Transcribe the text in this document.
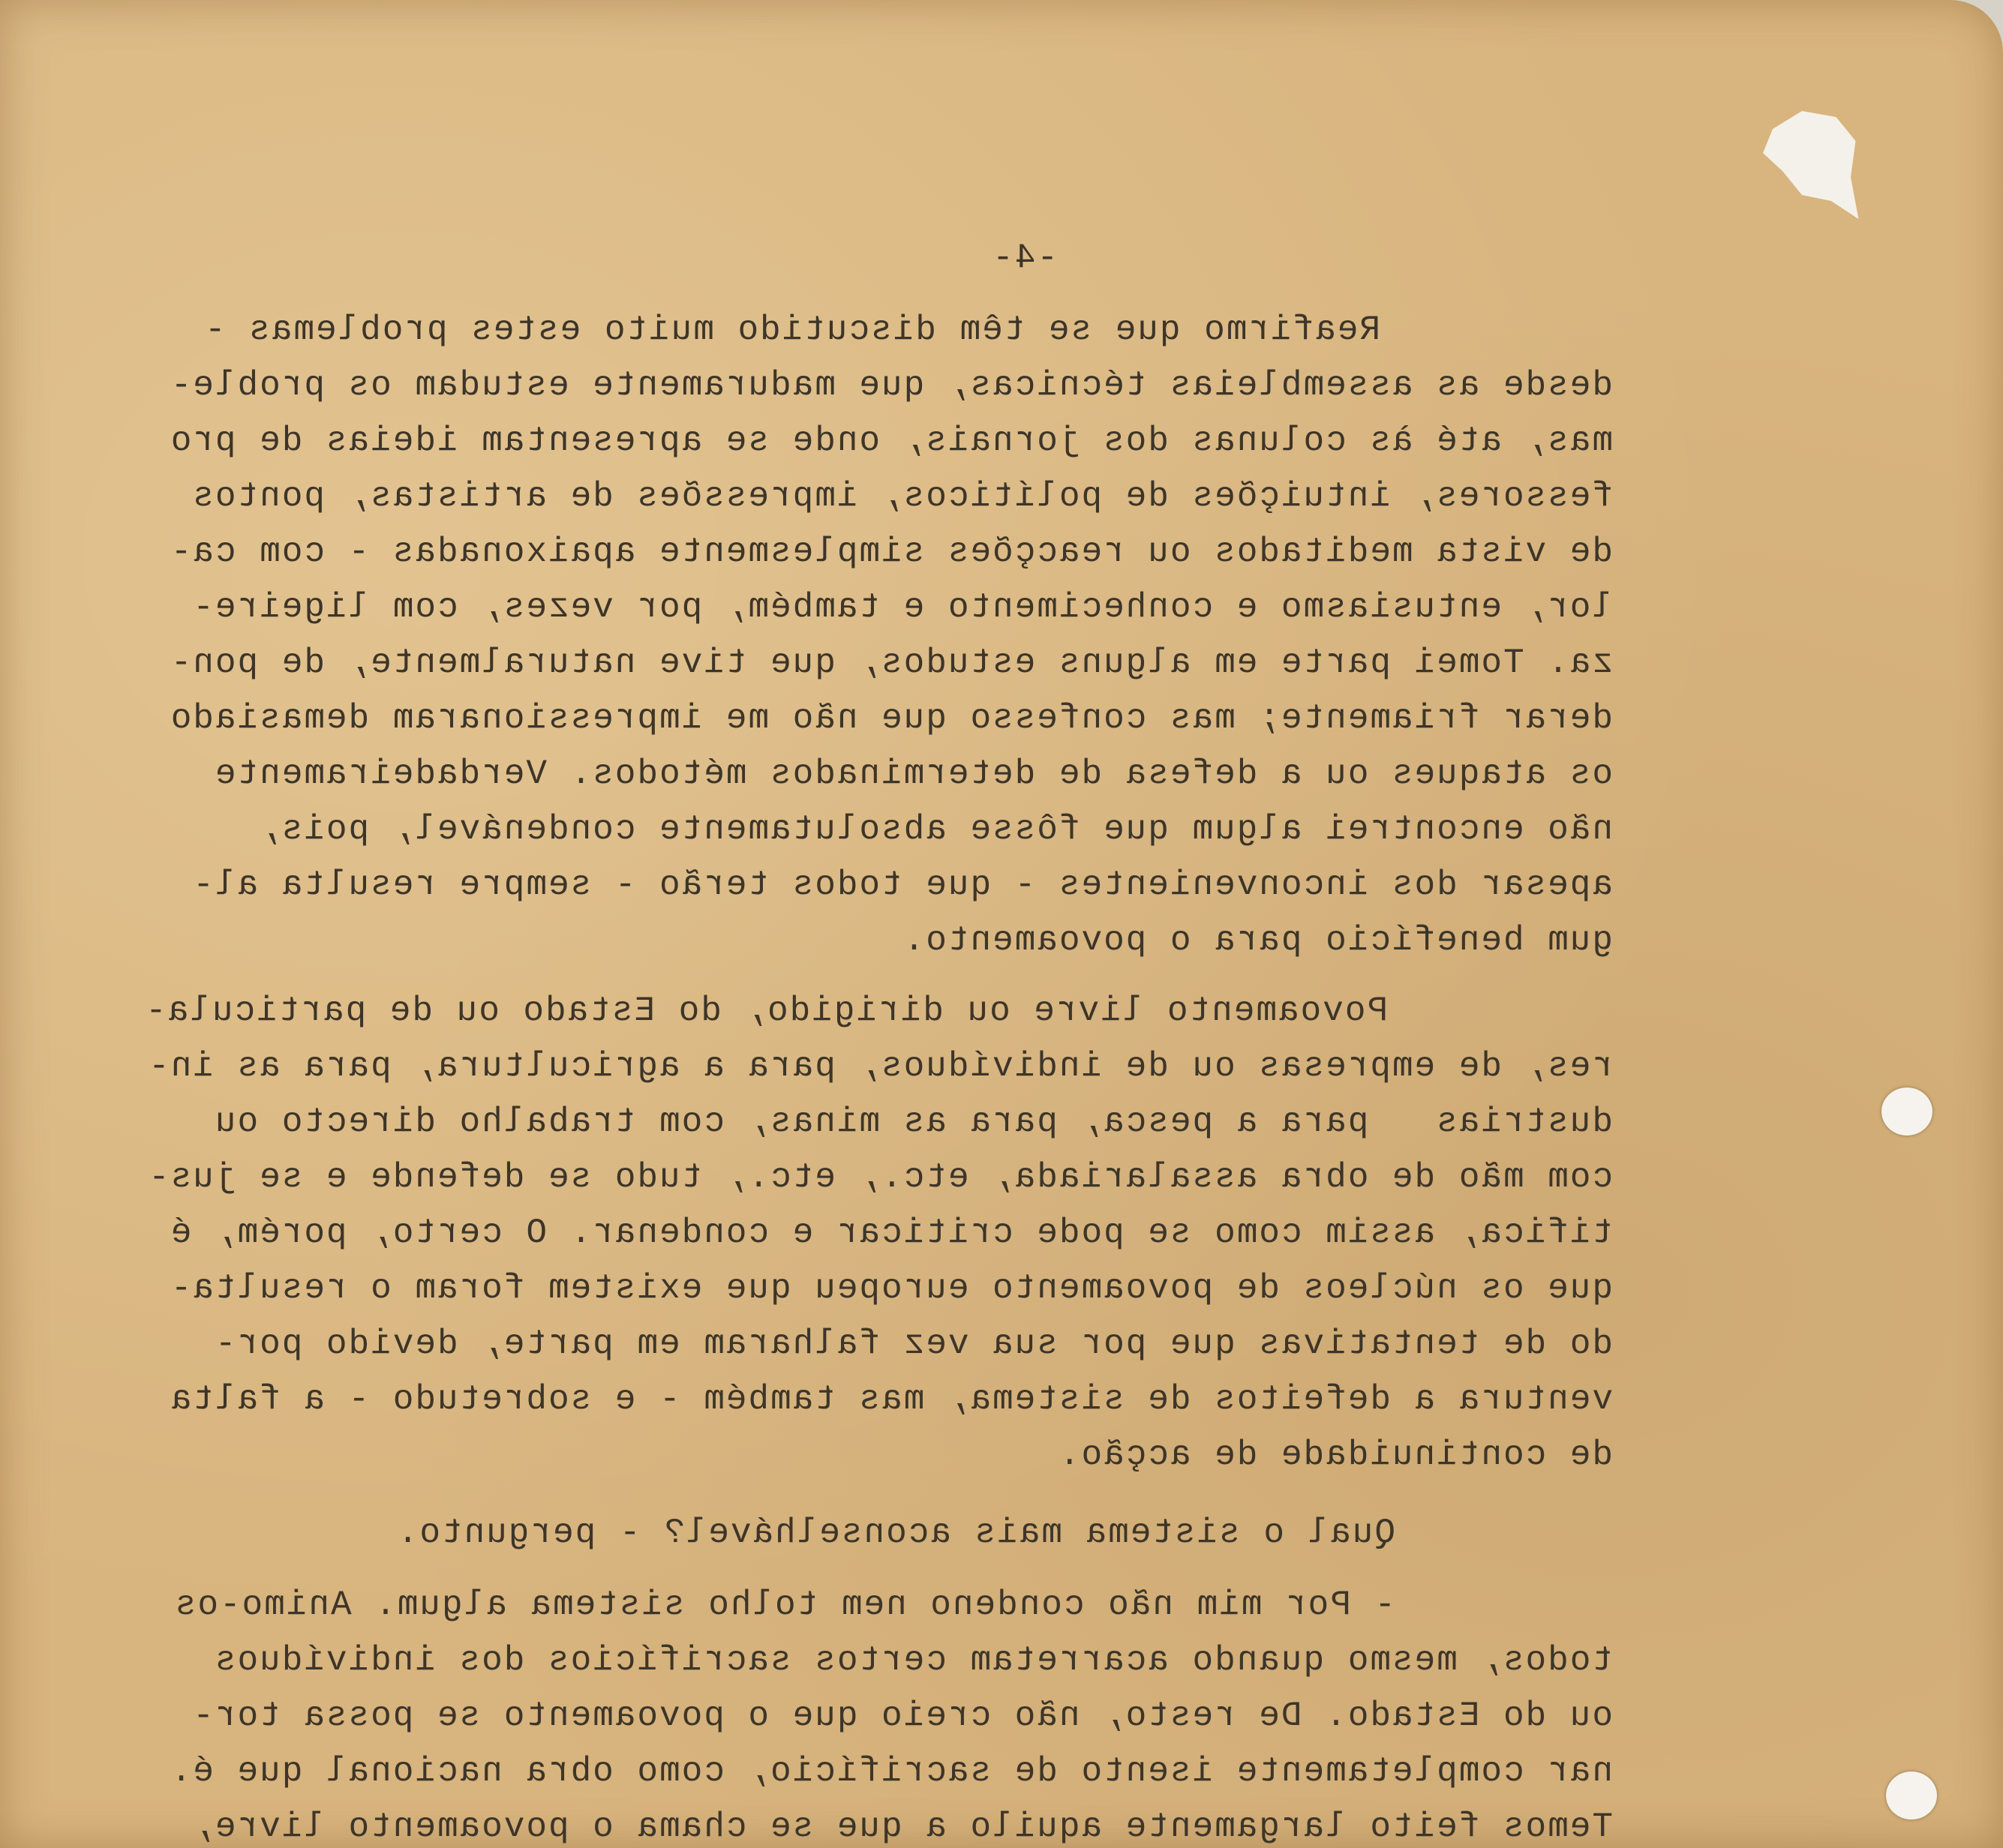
-4-
Reafirmo que se têm discutido muito estes problemas -
desde as assembleias técnicas, que maduramente estudam os proble-
mas, até às colunas dos jornais, onde se apresentam ideias de pro
fessores, intuições de políticos, impressões de artistas, pontos
de vista meditados ou reacções simplesmente apaixonadas - com ca-
lor, entusiasmo e conhecimento e também, por vezes, com ligeire-
za. Tomei parte em alguns estudos, que tive naturalmente, de pon-
derar friamente; mas confesso que não me impressionaram demasiado
os ataques ou a defesa de determinados métodos. Verdadeiramente
não encontrei algum que fôsse absolutamente condenável, pois,
apesar dos inconvenientes - que todos terão - sempre resulta al-
gum benefício para o povoamento.
Povoamento livre ou dirigido, do Estado ou de particula-
res, de empresas ou de indivíduos, para a agricultura, para as in-
dustrias   para a pesca, para as minas, com trabalho directo ou
com mão de obra assalariada, etc., etc., tudo se defende e se jus-
tifica, assim como se pode criticar e condenar. O certo, porém, é
que os núcleos de povoamento europeu que existem foram o resulta-
do de tentativas que por sua vez falharam em parte, devido por-
ventura a defeitos de sistema, mas também - e sobretudo - a falta
de continuidade de acção.
Qual o sistema mais aconselhável? - pergunto.
- Por mim não condeno nem tolho sistema algum. Animo-os
todos, mesmo quando acarretam certos sacrifícios dos indivíduos
ou do Estado. De resto, não creio que o povoamento se possa tor-
nar completamente isento de sacrifício, como obra nacional que é.
Temos feito largamente aquilo a que se chama o povoamento livre,
